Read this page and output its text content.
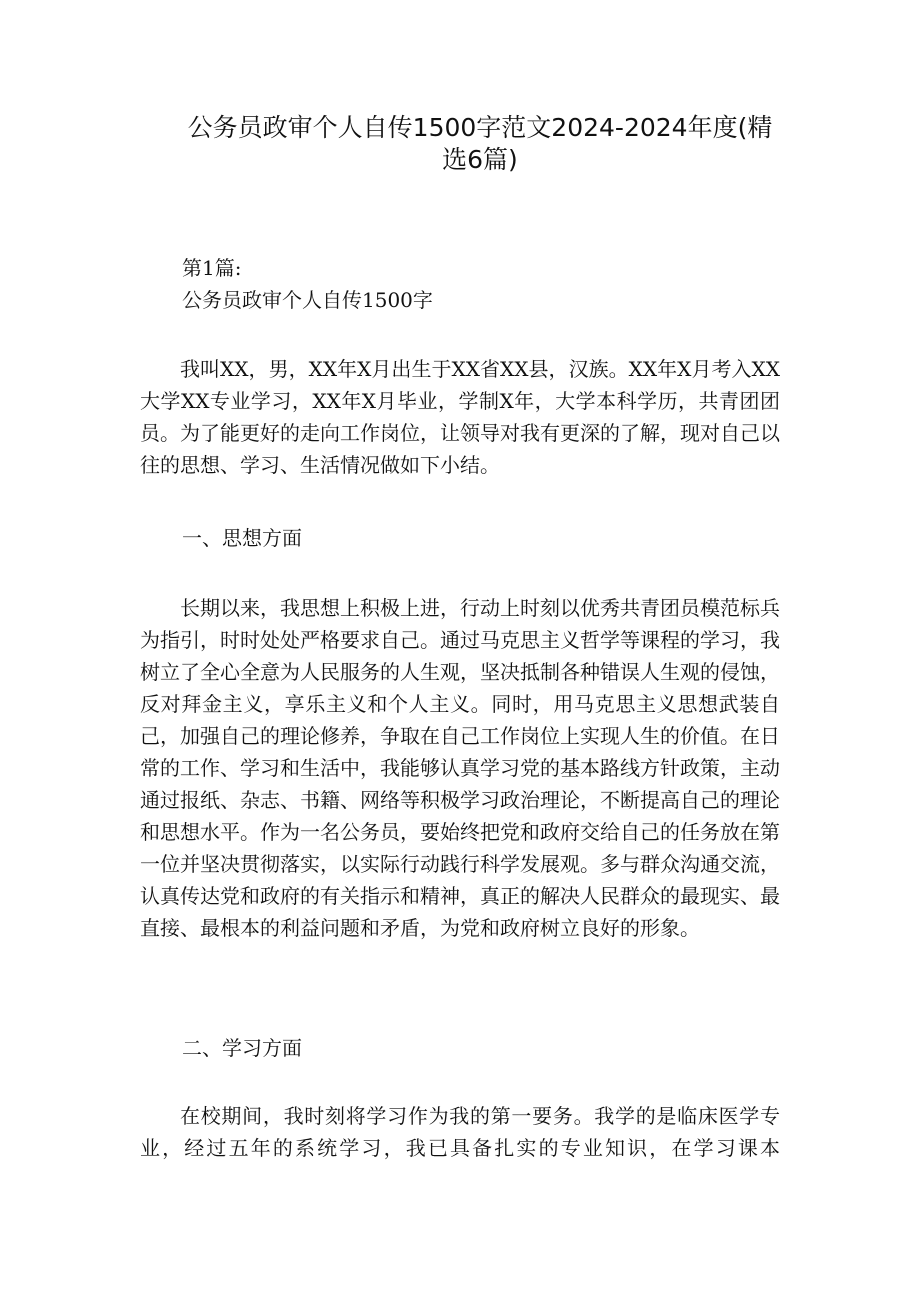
公务员政审个人自传1500字范文2024-2024年度(精选6篇)

第1篇:

公务员政审个人自传1500字

我叫XX，男，XX年X月出生于XX省XX县，汉族。XX年X月考入XX大学XX专业学习，XX年X月毕业，学制X年，大学本科学历，共青团团员。为了能更好的走向工作岗位，让领导对我有更深的了解，现对自己以往的思想、学习、生活情况做如下小结。

一、思想方面

长期以来，我思想上积极上进，行动上时刻以优秀共青团员模范标兵为指引，时时处处严格要求自己。通过马克思主义哲学等课程的学习，我树立了全心全意为人民服务的人生观，坚决抵制各种错误人生观的侵蚀，反对拜金主义，享乐主义和个人主义。同时，用马克思主义思想武装自己，加强自己的理论修养，争取在自己工作岗位上实现人生的价值。在日常的工作、学习和生活中，我能够认真学习党的基本路线方针政策，主动通过报纸、杂志、书籍、网络等积极学习政治理论，不断提高自己的理论和思想水平。作为一名公务员，要始终把党和政府交给自己的任务放在第一位并坚决贯彻落实，以实际行动践行科学发展观。多与群众沟通交流，认真传达党和政府的有关指示和精神，真正的解决人民群众的最现实、最直接、最根本的利益问题和矛盾，为党和政府树立良好的形象。

二、学习方面

在校期间，我时刻将学习作为我的第一要务。我学的是临床医学专业，经过五年的系统学习，我已具备扎实的专业知识，在学习课本
